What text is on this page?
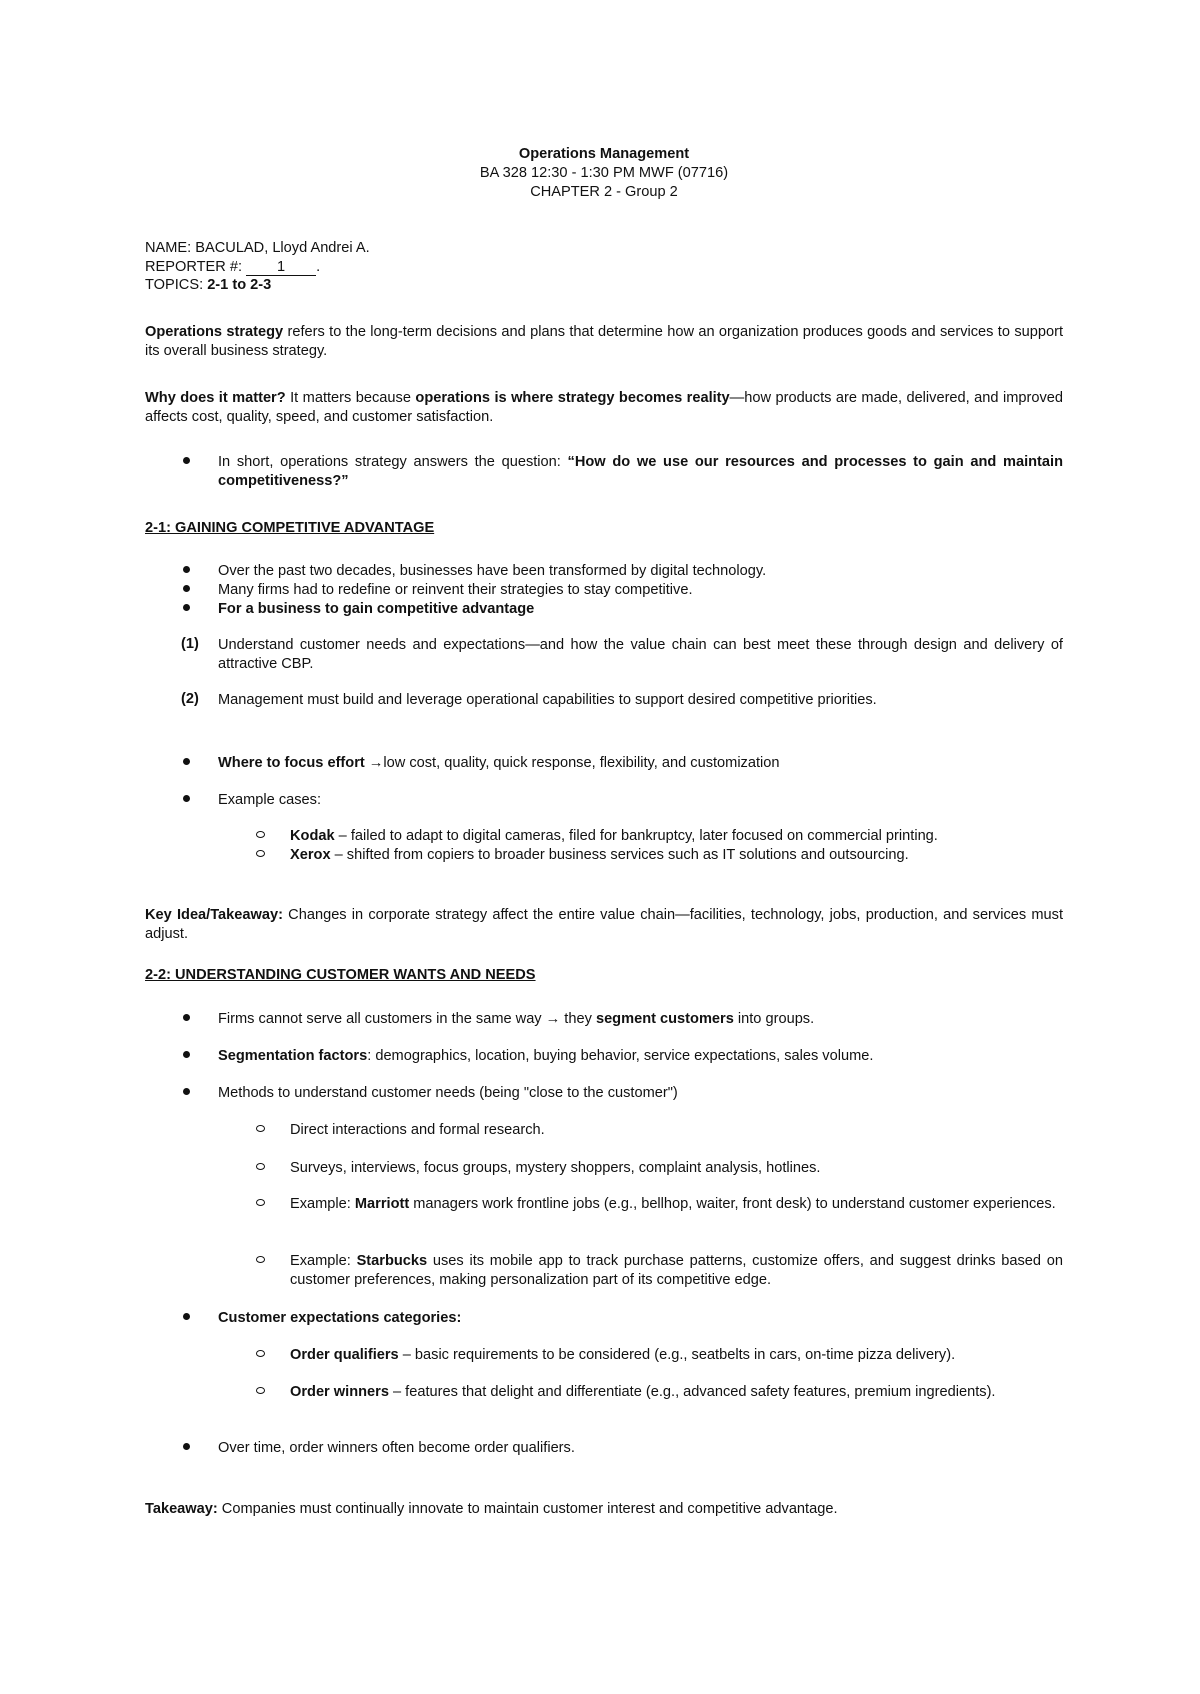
Operations Management
BA 328 12:30 - 1:30 PM MWF (07716)
CHAPTER 2 - Group 2
NAME: BACULAD, Lloyd Andrei A.
REPORTER #: 1 .
TOPICS: 2-1 to 2-3
Operations strategy refers to the long-term decisions and plans that determine how an organization produces goods and services to support its overall business strategy.
Why does it matter? It matters because operations is where strategy becomes reality—how products are made, delivered, and improved affects cost, quality, speed, and customer satisfaction.
In short, operations strategy answers the question: “How do we use our resources and processes to gain and maintain competitiveness?”
2-1: GAINING COMPETITIVE ADVANTAGE
Over the past two decades, businesses have been transformed by digital technology.
Many firms had to redefine or reinvent their strategies to stay competitive.
For a business to gain competitive advantage
(1) Understand customer needs and expectations—and how the value chain can best meet these through design and delivery of attractive CBP.
(2) Management must build and leverage operational capabilities to support desired competitive priorities.
Where to focus effort →low cost, quality, quick response, flexibility, and customization
Example cases:
Kodak – failed to adapt to digital cameras, filed for bankruptcy, later focused on commercial printing.
Xerox – shifted from copiers to broader business services such as IT solutions and outsourcing.
Key Idea/Takeaway: Changes in corporate strategy affect the entire value chain—facilities, technology, jobs, production, and services must adjust.
2-2: UNDERSTANDING CUSTOMER WANTS AND NEEDS
Firms cannot serve all customers in the same way → they segment customers into groups.
Segmentation factors: demographics, location, buying behavior, service expectations, sales volume.
Methods to understand customer needs (being "close to the customer")
Direct interactions and formal research.
Surveys, interviews, focus groups, mystery shoppers, complaint analysis, hotlines.
Example: Marriott managers work frontline jobs (e.g., bellhop, waiter, front desk) to understand customer experiences.
Example: Starbucks uses its mobile app to track purchase patterns, customize offers, and suggest drinks based on customer preferences, making personalization part of its competitive edge.
Customer expectations categories:
Order qualifiers – basic requirements to be considered (e.g., seatbelts in cars, on-time pizza delivery).
Order winners – features that delight and differentiate (e.g., advanced safety features, premium ingredients).
Over time, order winners often become order qualifiers.
Takeaway: Companies must continually innovate to maintain customer interest and competitive advantage.
